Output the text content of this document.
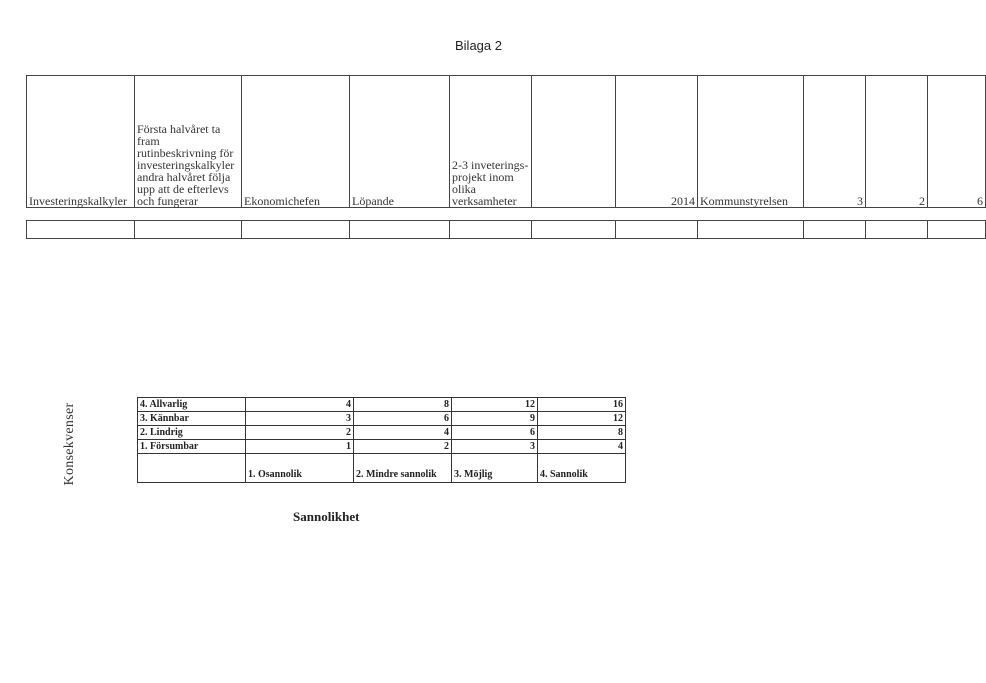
Bilaga 2
Investeringskalkyler	Första halvåret ta fram rutinbeskrivning för investeringskalkyler andra halvåret följa upp att de efterlevs och fungerar	Ekonomichefen	Löpande	2-3 inveterings-projekt inom olika verksamheter		2014	Kommunstyrelsen	3	2	6

Konsekvenser	4. Allvarlig	4	8	12	16
3. Kännbar	3	6	9	12
2. Lindrig	2	4	6	8
1. Försumbar	1	2	3	4
	1. Osannolik	2. Mindre sannolik	3. Möjlig	4. Sannolik
Sannolikhet
